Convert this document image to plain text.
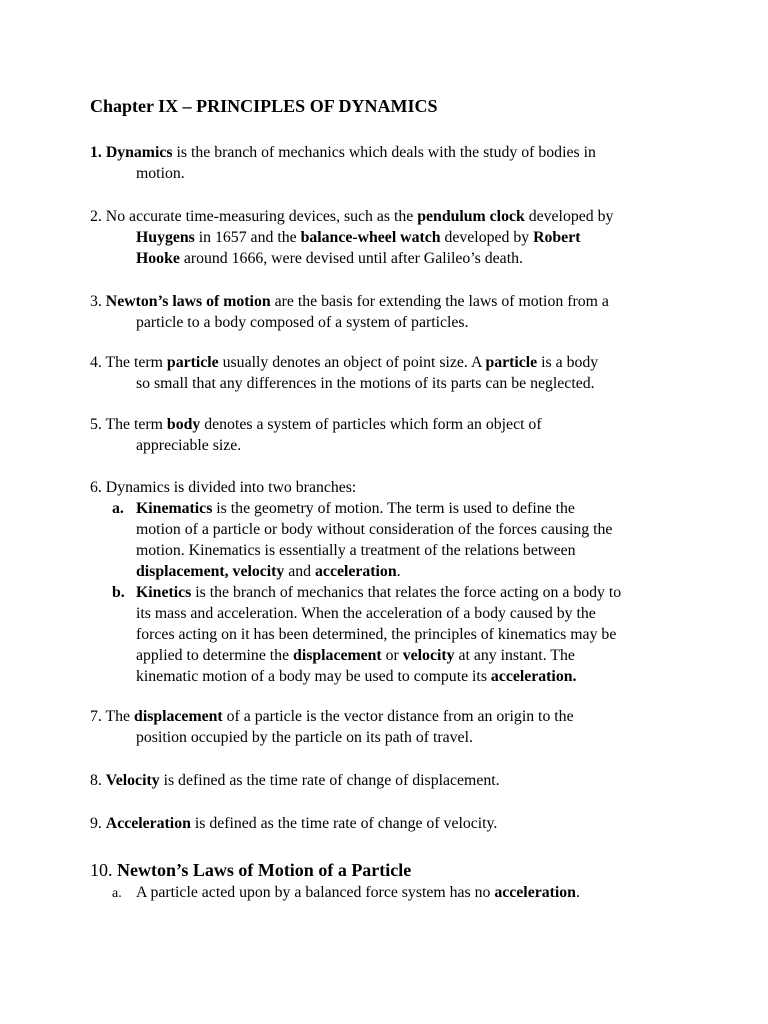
Chapter IX – PRINCIPLES OF DYNAMICS
1. Dynamics is the branch of mechanics which deals with the study of bodies in
motion.
2. No accurate time-measuring devices, such as the pendulum clock developed by
Huygens in 1657 and the balance-wheel watch developed by Robert
Hooke around 1666, were devised until after Galileo’s death.
3. Newton’s laws of motion are the basis for extending the laws of motion from a
particle to a body composed of a system of particles.
4. The term particle usually denotes an object of point size. A particle is a body
so small that any differences in the motions of its parts can be neglected.
5. The term body denotes a system of particles which form an object of
appreciable size.
6. Dynamics is divided into two branches:
a. Kinematics is the geometry of motion. The term is used to define the
motion of a particle or body without consideration of the forces causing the
motion. Kinematics is essentially a treatment of the relations between
displacement, velocity and acceleration.
b. Kinetics is the branch of mechanics that relates the force acting on a body to
its mass and acceleration. When the acceleration of a body caused by the
forces acting on it has been determined, the principles of kinematics may be
applied to determine the displacement or velocity at any instant. The
kinematic motion of a body may be used to compute its acceleration.
7. The displacement of a particle is the vector distance from an origin to the
position occupied by the particle on its path of travel.
8. Velocity is defined as the time rate of change of displacement.
9. Acceleration is defined as the time rate of change of velocity.
10. Newton’s Laws of Motion of a Particle
a. A particle acted upon by a balanced force system has no acceleration.
